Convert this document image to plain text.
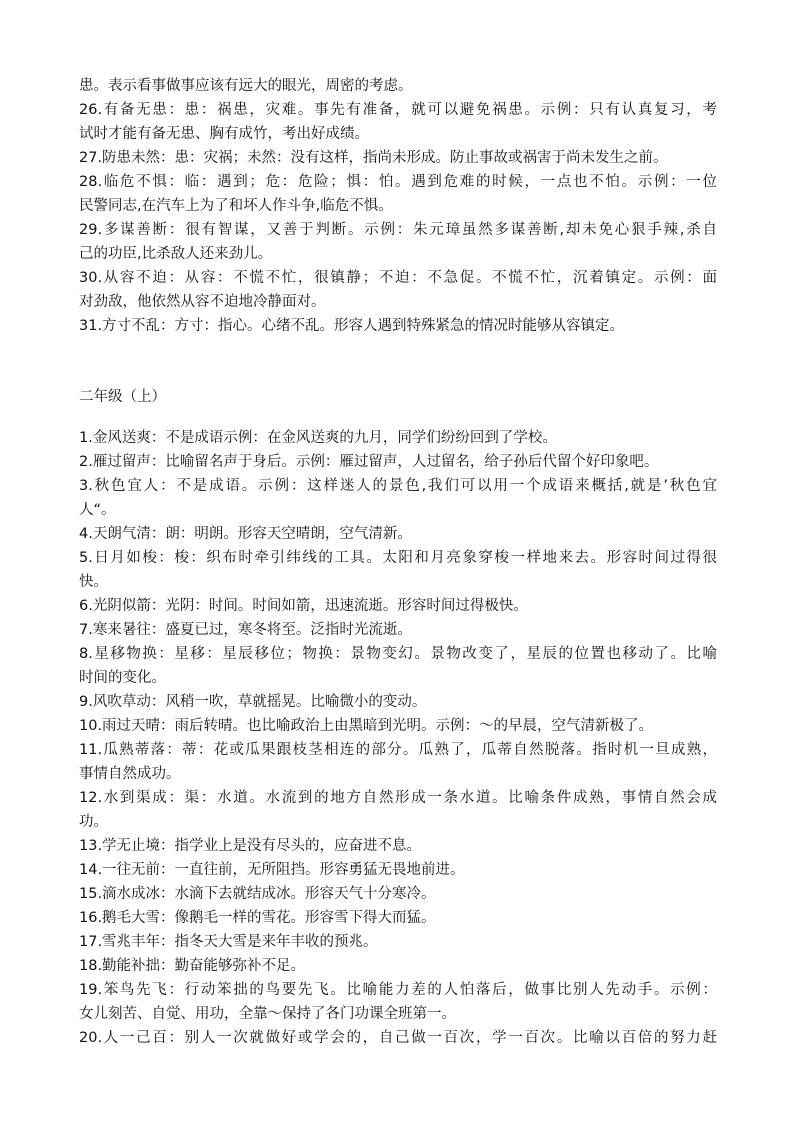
患。表示看事做事应该有远大的眼光，周密的考虑。
26.有备无患：患：祸患，灾难。事先有准备，就可以避免祸患。示例：只有认真复习，考
试时才能有备无患、胸有成竹，考出好成绩。
27.防患未然：患：灾祸；未然：没有这样，指尚未形成。防止事故或祸害于尚未发生之前。
28.临危不惧：临：遇到；危：危险；惧：怕。遇到危难的时候，一点也不怕。示例：一位
民警同志,在汽车上为了和坏人作斗争,临危不惧。
29.多谋善断：很有智谋，又善于判断。示例：朱元璋虽然多谋善断,却未免心狠手辣,杀自
己的功臣,比杀敌人还来劲儿。
30.从容不迫：从容：不慌不忙，很镇静；不迫：不急促。不慌不忙，沉着镇定。示例：面
对劲敌，他依然从容不迫地冷静面对。
31.方寸不乱：方寸：指心。心绪不乱。形容人遇到特殊紧急的情况时能够从容镇定。
二年级（上）
1.金风送爽：不是成语示例：在金风送爽的九月，同学们纷纷回到了学校。
2.雁过留声：比喻留名声于身后。示例：雁过留声，人过留名，给子孙后代留个好印象吧。
3.秋色宜人：不是成语。示例：这样迷人的景色,我们可以用一个成语来概括,就是’秋色宜
人“。
4.天朗气清：朗：明朗。形容天空晴朗，空气清新。
5.日月如梭：梭：织布时牵引纬线的工具。太阳和月亮象穿梭一样地来去。形容时间过得很
快。
6.光阴似箭：光阴：时间。时间如箭，迅速流逝。形容时间过得极快。
7.寒来暑往：盛夏已过，寒冬将至。泛指时光流逝。
8.星移物换：星移：星辰移位；物换：景物变幻。景物改变了，星辰的位置也移动了。比喻
时间的变化。
9.风吹草动：风稍一吹，草就摇晃。比喻微小的变动。
10.雨过天晴：雨后转晴。也比喻政治上由黑暗到光明。示例：～的早晨，空气清新极了。
11.瓜熟蒂落：蒂：花或瓜果跟枝茎相连的部分。瓜熟了，瓜蒂自然脱落。指时机一旦成熟，
事情自然成功。
12.水到渠成：渠：水道。水流到的地方自然形成一条水道。比喻条件成熟，事情自然会成
功。
13.学无止境：指学业上是没有尽头的，应奋进不息。
14.一往无前：一直往前，无所阻挡。形容勇猛无畏地前进。
15.滴水成冰：水滴下去就结成冰。形容天气十分寒冷。
16.鹅毛大雪：像鹅毛一样的雪花。形容雪下得大而猛。
17.雪兆丰年：指冬天大雪是来年丰收的预兆。
18.勤能补拙：勤奋能够弥补不足。
19.笨鸟先飞：行动笨拙的鸟要先飞。比喻能力差的人怕落后，做事比别人先动手。示例：
女儿刻苦、自觉、用功，全靠～保持了各门功课全班第一。
20.人一己百：别人一次就做好或学会的，自己做一百次，学一百次。比喻以百倍的努力赶
